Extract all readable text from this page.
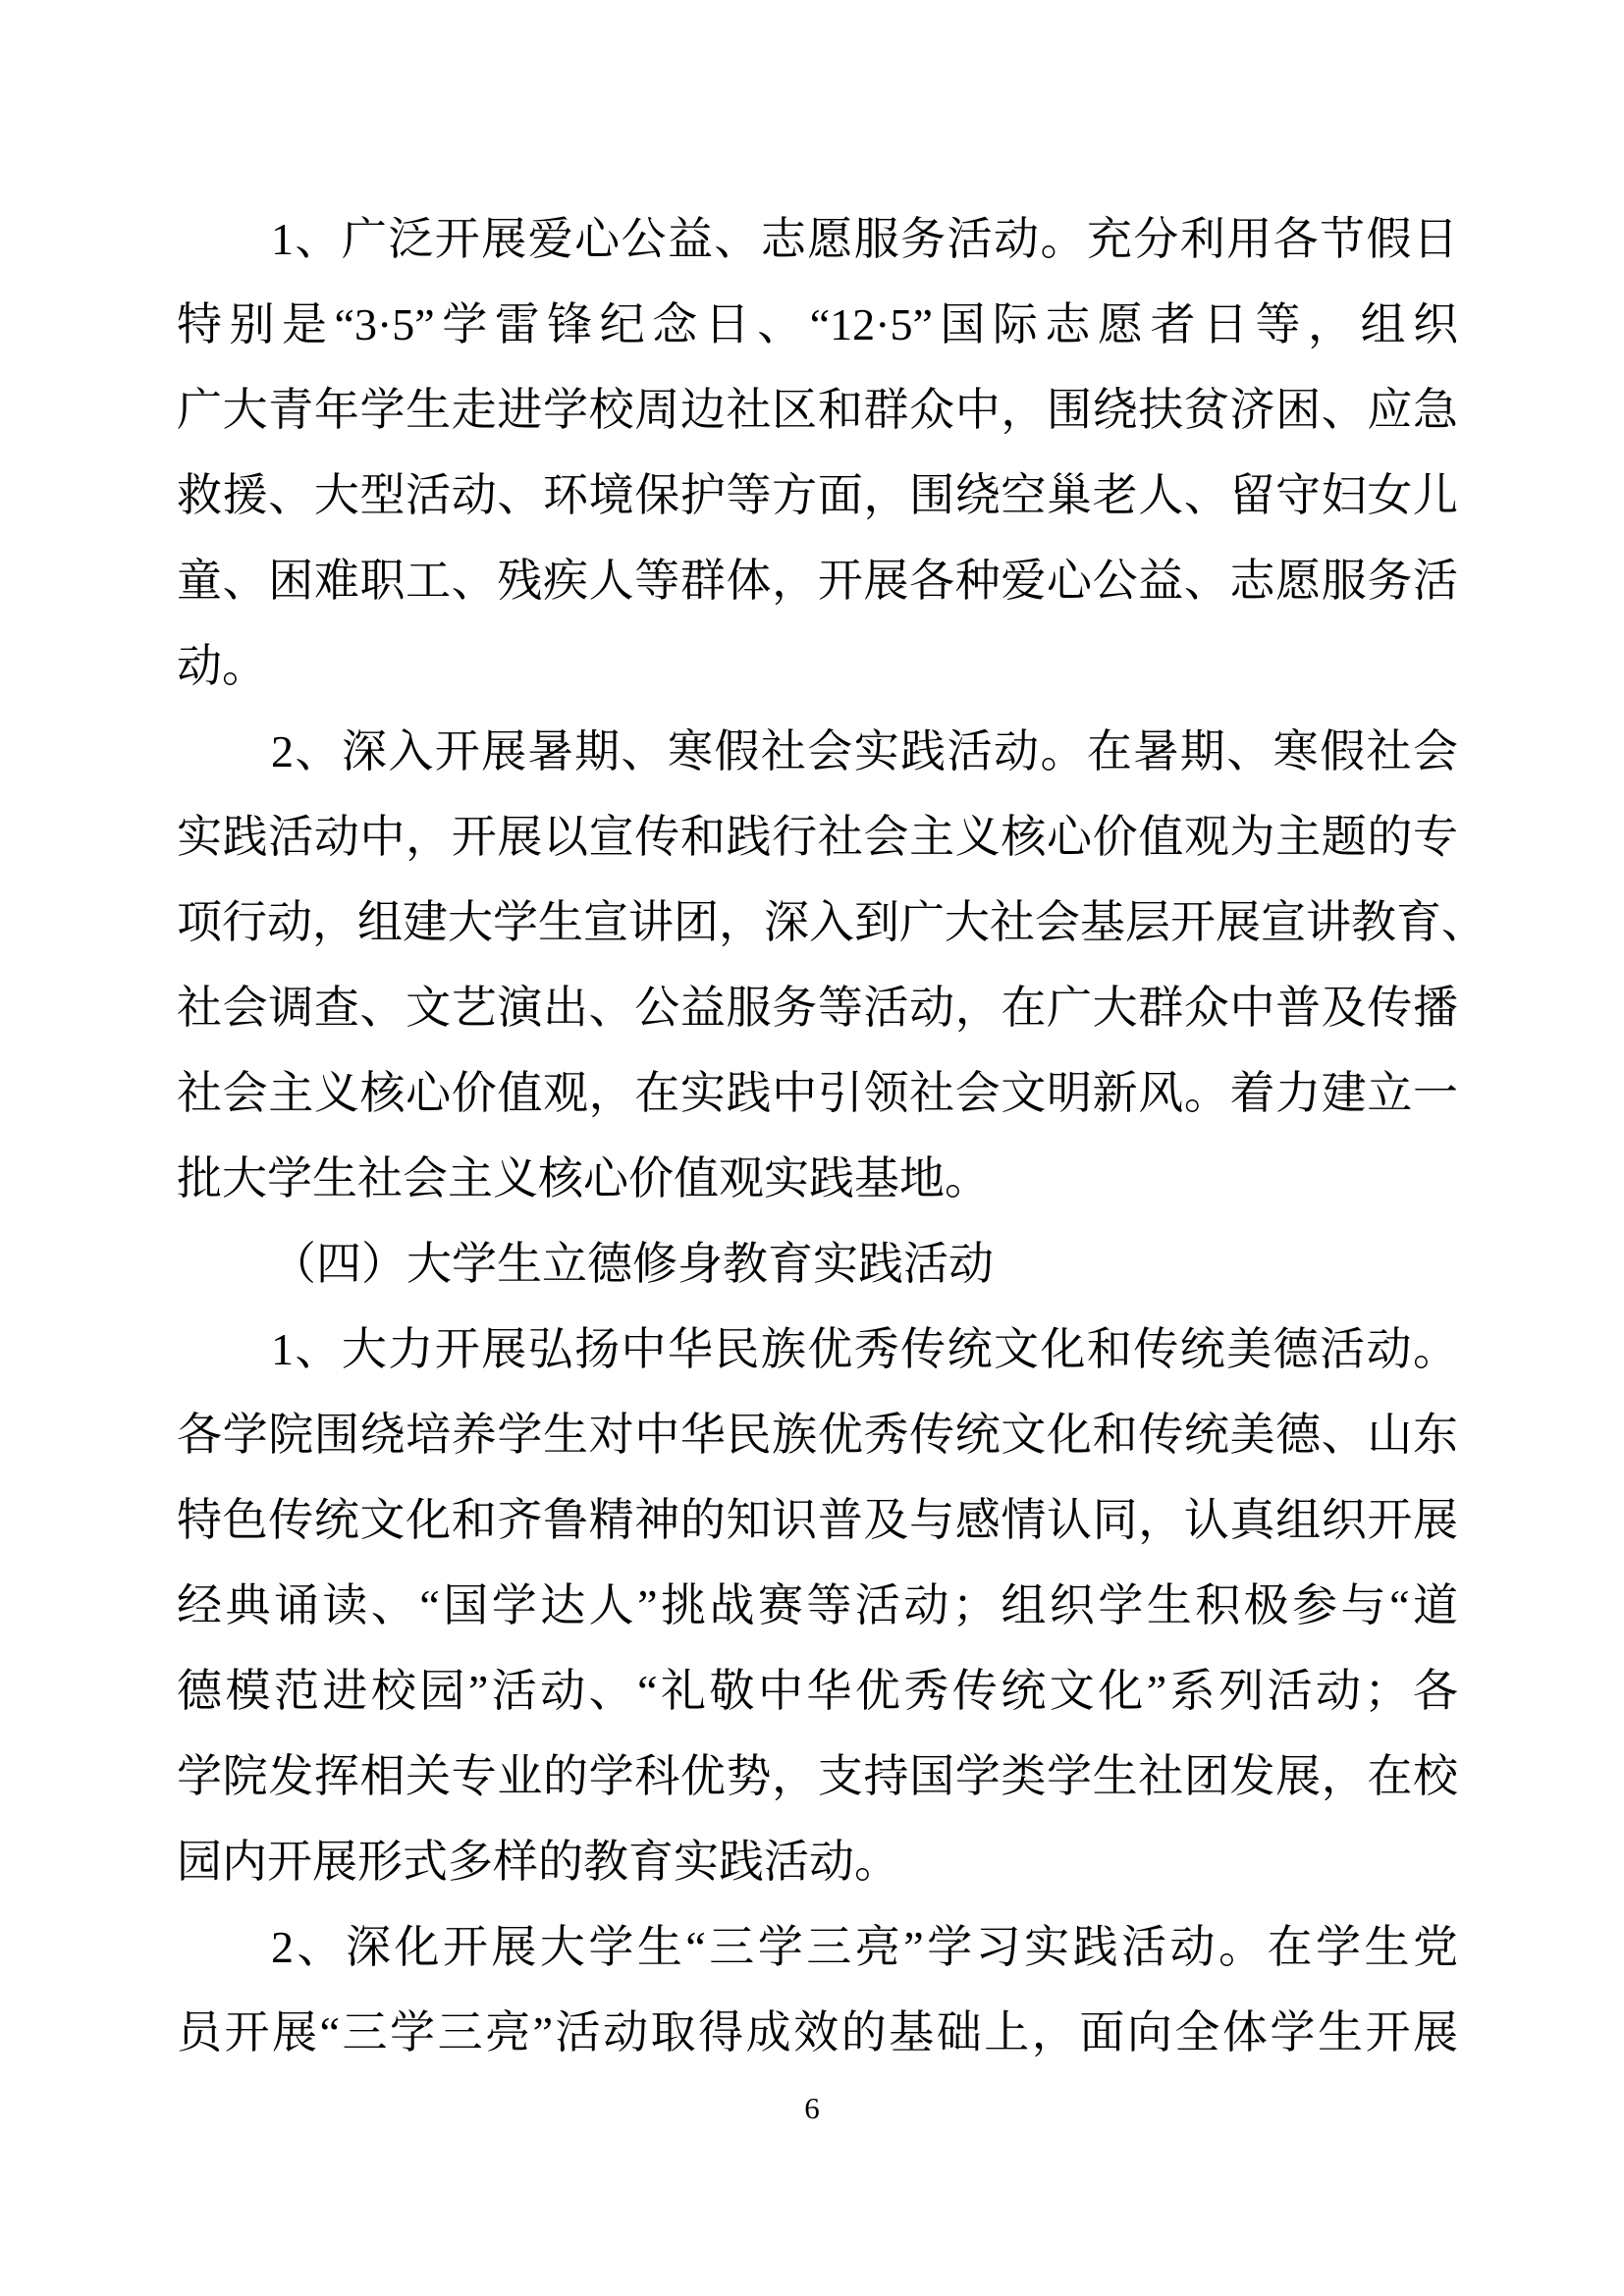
1、广泛开展爱心公益、志愿服务活动。充分利用各节假日
特别是“3·5”学雷锋纪念日、“12·5”国际志愿者日等，组织
广大青年学生走进学校周边社区和群众中，围绕扶贫济困、应急
救援、大型活动、环境保护等方面，围绕空巢老人、留守妇女儿
童、困难职工、残疾人等群体，开展各种爱心公益、志愿服务活
动。
2、深入开展暑期、寒假社会实践活动。在暑期、寒假社会
实践活动中，开展以宣传和践行社会主义核心价值观为主题的专
项行动，组建大学生宣讲团，深入到广大社会基层开展宣讲教育、
社会调查、文艺演出、公益服务等活动，在广大群众中普及传播
社会主义核心价值观，在实践中引领社会文明新风。着力建立一
批大学生社会主义核心价值观实践基地。
（四）大学生立德修身教育实践活动
1、大力开展弘扬中华民族优秀传统文化和传统美德活动。
各学院围绕培养学生对中华民族优秀传统文化和传统美德、山东
特色传统文化和齐鲁精神的知识普及与感情认同，认真组织开展
经典诵读、“国学达人”挑战赛等活动；组织学生积极参与“道
德模范进校园”活动、“礼敬中华优秀传统文化”系列活动；各
学院发挥相关专业的学科优势，支持国学类学生社团发展，在校
园内开展形式多样的教育实践活动。
2、深化开展大学生“三学三亮”学习实践活动。在学生党
员开展“三学三亮”活动取得成效的基础上，面向全体学生开展
6
